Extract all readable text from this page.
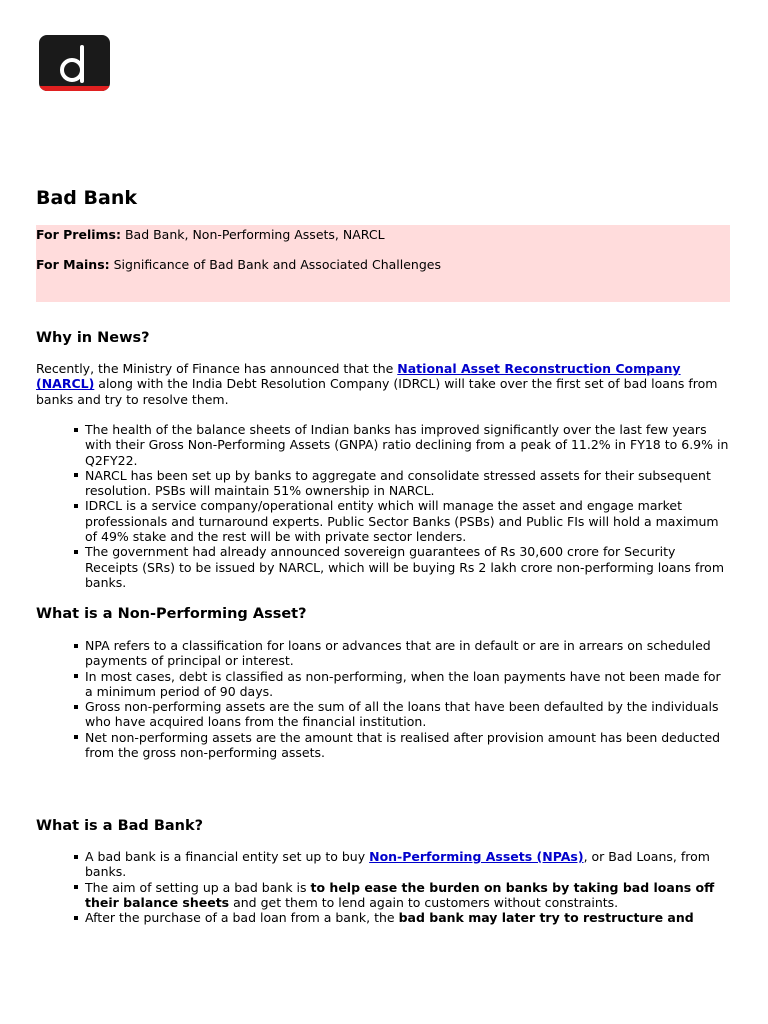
Bad Bank
For Prelims: Bad Bank, Non-Performing Assets, NARCL
For Mains: Significance of Bad Bank and Associated Challenges
Why in News?

Recently, the Ministry of Finance has announced that the National Asset Reconstruction Company (NARCL) along with the India Debt Resolution Company (IDRCL) will take over the first set of bad loans from banks and try to resolve them.

The health of the balance sheets of Indian banks has improved significantly over the last few years with their Gross Non-Performing Assets (GNPA) ratio declining from a peak of 11.2% in FY18 to 6.9% in Q2FY22.
NARCL has been set up by banks to aggregate and consolidate stressed assets for their subsequent resolution. PSBs will maintain 51% ownership in NARCL.
IDRCL is a service company/operational entity which will manage the asset and engage market professionals and turnaround experts. Public Sector Banks (PSBs) and Public FIs will hold a maximum of 49% stake and the rest will be with private sector lenders.
The government had already announced sovereign guarantees of Rs 30,600 crore for Security Receipts (SRs) to be issued by NARCL, which will be buying Rs 2 lakh crore non-performing loans from banks.
What is a Non-Performing Asset?
NPA refers to a classification for loans or advances that are in default or are in arrears on scheduled payments of principal or interest.
In most cases, debt is classified as non-performing, when the loan payments have not been made for a minimum period of 90 days.
Gross non-performing assets are the sum of all the loans that have been defaulted by the individuals who have acquired loans from the financial institution.
Net non-performing assets are the amount that is realised after provision amount has been deducted from the gross non-performing assets.
What is a Bad Bank?
A bad bank is a financial entity set up to buy Non-Performing Assets (NPAs), or Bad Loans, from banks.
The aim of setting up a bad bank is to help ease the burden on banks by taking bad loans off their balance sheets and get them to lend again to customers without constraints.
After the purchase of a bad loan from a bank, the bad bank may later try to restructure and
